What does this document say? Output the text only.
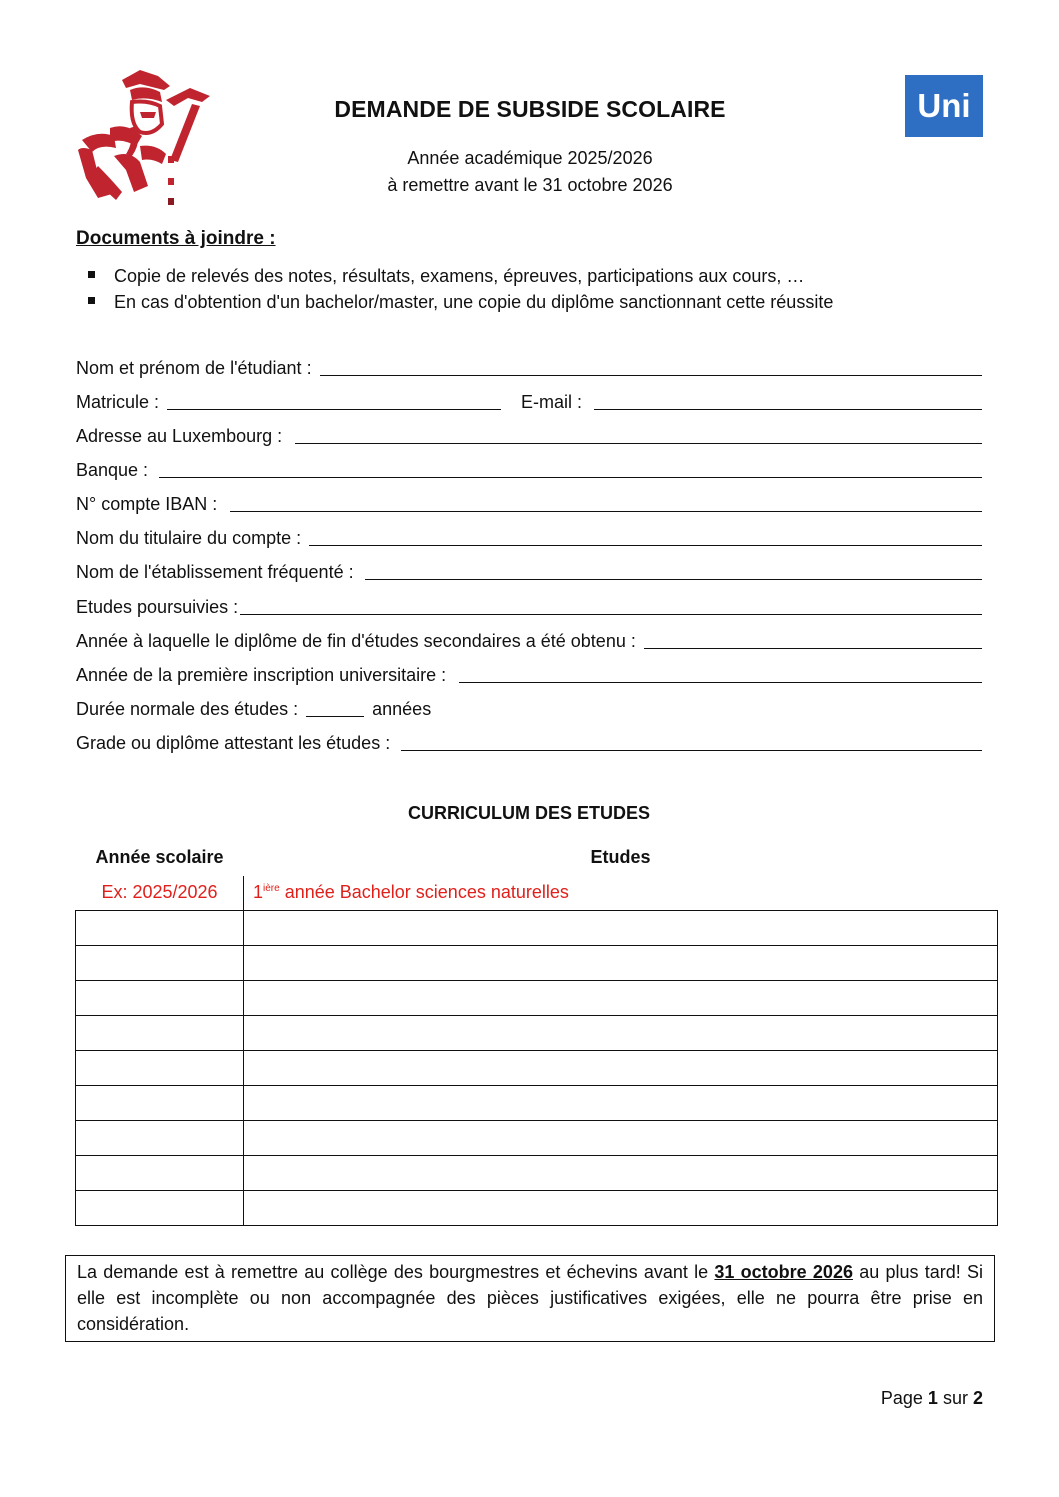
DEMANDE DE SUBSIDE SCOLAIRE
Année académique 2025/2026
à remettre avant le 31 octobre 2026
Uni
Documents à joindre :
Copie de relevés des notes, résultats, examens, épreuves, participations aux cours, …
En cas d'obtention d'un bachelor/master, une copie du diplôme sanctionnant cette réussite
Nom et prénom de l'étudiant :
Matricule :	E-mail :
Adresse au Luxembourg :
Banque :
N° compte IBAN :
Nom du titulaire du compte :
Nom de l'établissement fréquenté :
Etudes poursuivies :
Année à laquelle le diplôme de fin d'études secondaires a été obtenu :
Année de la première inscription universitaire :
Durée normale des études :	années
Grade ou diplôme attestant les études :
CURRICULUM DES ETUDES
Année scolaire	Etudes
Ex: 2025/2026	$1^{ière}$ année Bachelor sciences naturelles

La demande est à remettre au collège des bourgmestres et échevins avant le 31 octobre 2026 au plus tard! Si elle est incomplète ou non accompagnée des pièces justificatives exigées, elle ne pourra être prise en considération.
Page 1 sur 2
